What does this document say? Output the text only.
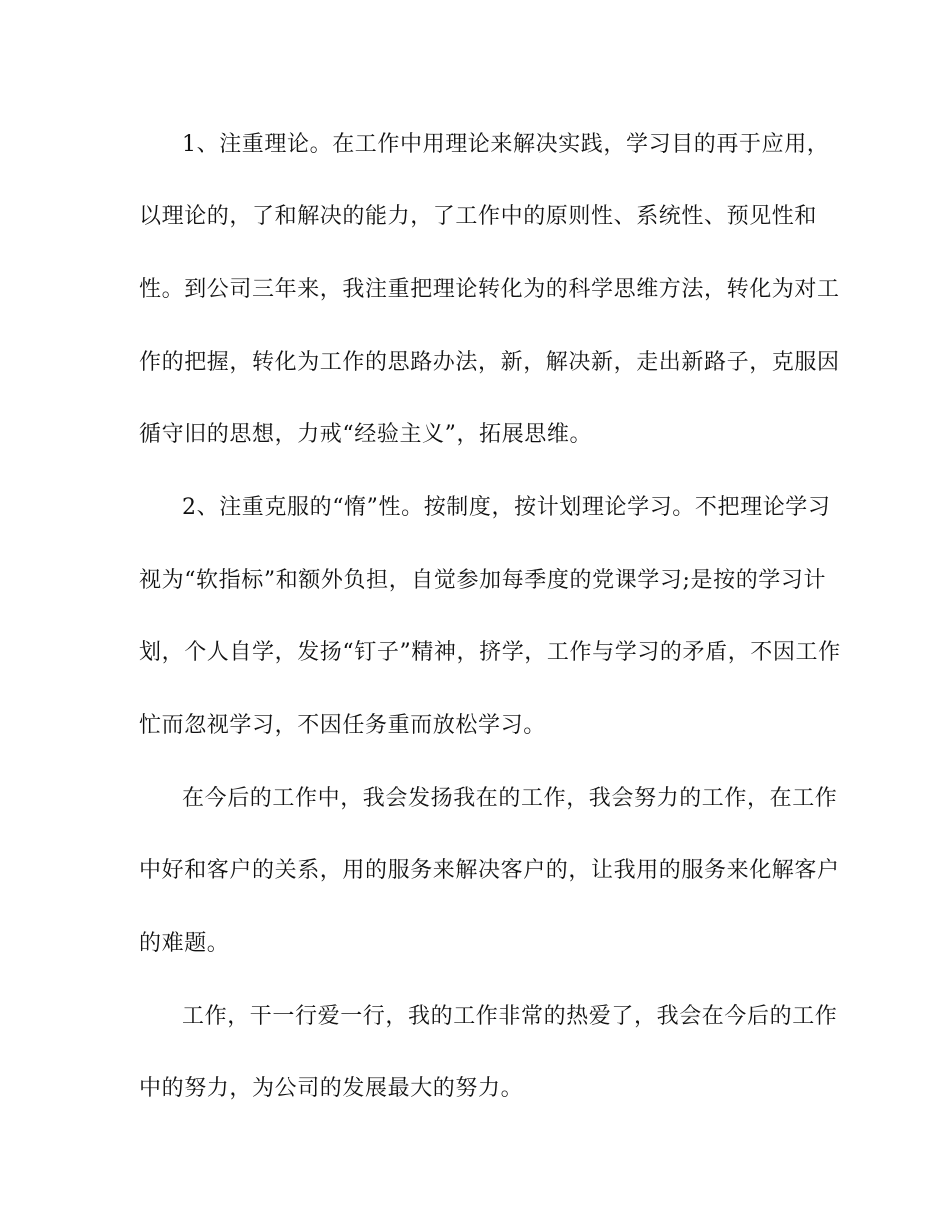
1、注重理论。在工作中用理论来解决实践，学习目的再于应用，

以理论的，了和解决的能力，了工作中的原则性、系统性、预见性和

性。到公司三年来，我注重把理论转化为的科学思维方法，转化为对工

作的把握，转化为工作的思路办法，新，解决新，走出新路子，克服因

循守旧的思想，力戒“经验主义”，拓展思维。

2、注重克服的“惰”性。按制度，按计划理论学习。不把理论学习

视为“软指标”和额外负担，自觉参加每季度的党课学习;是按的学习计

划，个人自学，发扬“钉子”精神，挤学，工作与学习的矛盾，不因工作

忙而忽视学习，不因任务重而放松学习。

在今后的工作中，我会发扬我在的工作，我会努力的工作，在工作

中好和客户的关系，用的服务来解决客户的，让我用的服务来化解客户

的难题。

工作，干一行爱一行，我的工作非常的热爱了，我会在今后的工作

中的努力，为公司的发展最大的努力。
